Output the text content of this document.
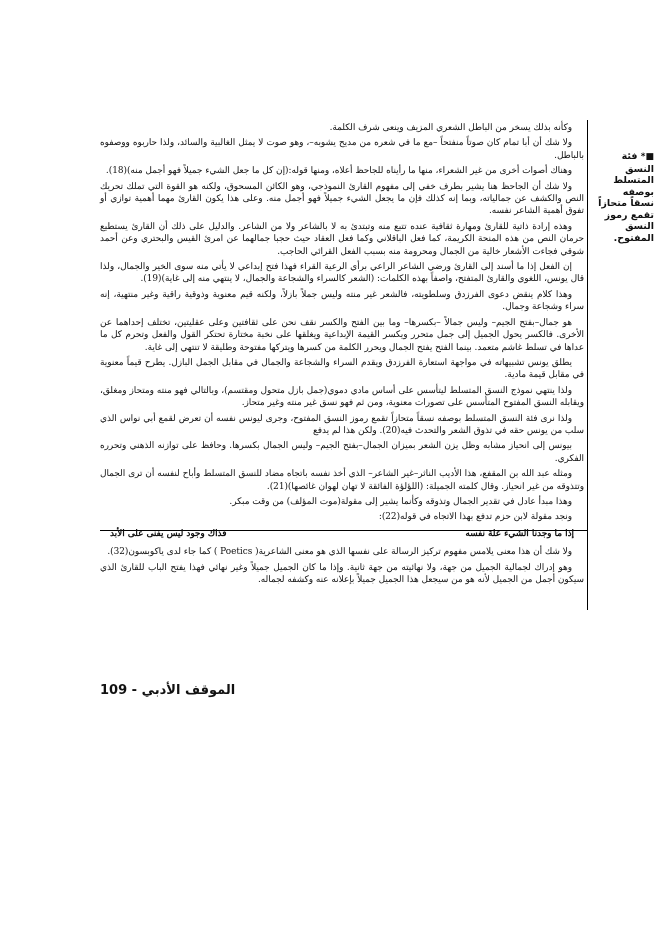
■* فئة النسق المتسلط بوصفه نسقاً متحازاً تقمع رموز النسق المفتوح.

وكأنه بذلك يسخر من الباطل الشعري المزيف وينعى شرف الكلمة.

ولا شك أن أبا تمام كان صوتاً منفتحاً –مع ما في شعره من مديح يشوبه–، وهو صوت لا يمثل الغالبية والسائد، ولذا حاربوه ووصفوه بالباطل.

وهناك أصوات أخرى من غير الشعراء، منها ما رأيناه للجاحظ أعلاه، ومنها قوله:(إن كل ما جعل الشيء جميلاً فهو أجمل منه)(18).

ولا شك أن الجاحظ هنا يشير بطرف خفي إلى مفهوم القارئ النموذجي، وهو الكائن المسحوق، ولكنه هو القوة التي تملك تحريك النص والكشف عن جمالياته، وبما إنه كذلك فإن ما يجعل الشيء جميلاً فهو أجمل منه. وعلى هذا يكون القارئ مهما أهمية توازي أو تفوق أهمية الشاعر نفسه.

وهذه إرادة ذاتية للقارئ ومهارة ثقافية عنده تتبع منه وتبتدئ به لا بالشاعر ولا من الشاعر. والدليل على ذلك أن القارئ يستطيع حرمان النص من هذه المنحة الكريمة، كما فعل الباقلاني وكما فعل العقاد حيث حجبا جمالهما عن امرئ القيس والبحتري وعن أحمد شوقي فجاءت الأشعار خالية من الجمال ومحرومة منه بسبب الفعل القرائي الحاجب.

إن الفعل إذا ما أسند إلى القارئ ورضي الشاعر الراعي برأي الرعية القراء فهذا فتح إبداعي لا يأتي منه سوى الخير والجمال، ولذا قال يونس، اللغوي والقارئ المتفتح، واصفاً بهذه الكلمات: (الشعر كالسراء والشجاعة والجمال، لا ينتهي منه إلى غاية)(19).

وهذا كلام ينقض دعوى الفرزدق وسلطويته، فالشعر غير منته وليس جملاً بازلاً، ولكنه قيم معنوية وذوقية راقية وغير منتهية، إنه سراء وشجاعة وجمال.

هو جمال–بفتح الجيم– وليس جمالاً –بكسرها– وما بين الفتح والكسر نقف نحن على ثقافتين وعلى عقليتين، تختلف إحداهما عن الأخرى. فالكسر يحول الجميل إلى جمل متحرر ويكسر القيمة الإبداعية ويغلقها على نخبة مختارة تحتكر القول والفعل وتحرم كل ما عداها في تسلط غاشم متعمد. بينما الفتح يفتح الجمال ويحرر الكلمة من كسرها ويتركها مفتوحة وطليقة لا تنتهي إلى غاية.

يطلق يونس تشبيهاته في مواجهة استعارة الفرزدق ويقدم السراء والشجاعة والجمال في مقابل الجمل البازل. يطرح قيماً معنوية في مقابل قيمة مادية.

ولذا ينتهي نموذج النسق المتسلط ليتأسس على أساس مادي دموي(جمل بازل متحول ومقتسم)، وبالتالي فهو منته ومتحاز ومغلق، ويقابله النسق المفتوح المتأسس على تصورات معنوية، ومن ثم فهو نسق غير منته وغير متحاز.

ولذا نرى فئة النسق المتسلط بوصفه نسقاً متحازاً تقمع رموز النسق المفتوح، وجرى ليونس نفسه أن تعرض لقمع أبي نواس الذي سلب من يونس حقه في تذوق الشعر والتحدث فيه(20). ولكن هذا لم يدفع

بيونس إلى انحياز مشابه وظل يزن الشعر بميزان الجمال–بفتح الجيم– وليس الجمال بكسرها. وحافظ على توازنه الذهني وتحرره الفكري.

ومثله عبد الله بن المقفع، هذا الأديب الناثر–غير الشاعر– الذي أخذ نفسه باتجاه مضاد للنسق المتسلط وأباح لنفسه أن ترى الجمال وتتذوقه من غير انحياز. وقال كلمته الجميلة: (اللؤلؤة الفائقة لا تهان لهوان غائصها)(21).

وهذا مبدأ عادل في تقدير الجمال وتذوقه وكأنما يشير إلى مقولة(موت المؤلف) من وقت مبكر.

ونجد مقولة لابن حزم تدفع بهذا الاتجاه في قوله(22):

إذا ما وجدنا الشيء علة نفسه
فذاك وجود ليس يفنى على الأبد

ولا شك أن هذا معنى يلامس مفهوم تركيز الرسالة على نفسها الذي هو معنى الشاعرية( Poetics ) كما جاء لدى ياكوبسون(32).

وهو إدراك لجمالية الجميل من جهة، ولا نهائيته من جهة ثانية. وإذا ما كان الجميل جميلاً وغير نهائي فهذا يفتح الباب للقارئ الذي سيكون أجمل من الجميل لأنه هو من سيجعل هذا الجميل جميلاً بإعلانه عنه وكشفه لجماله.

الموقف الأدبي - 109
